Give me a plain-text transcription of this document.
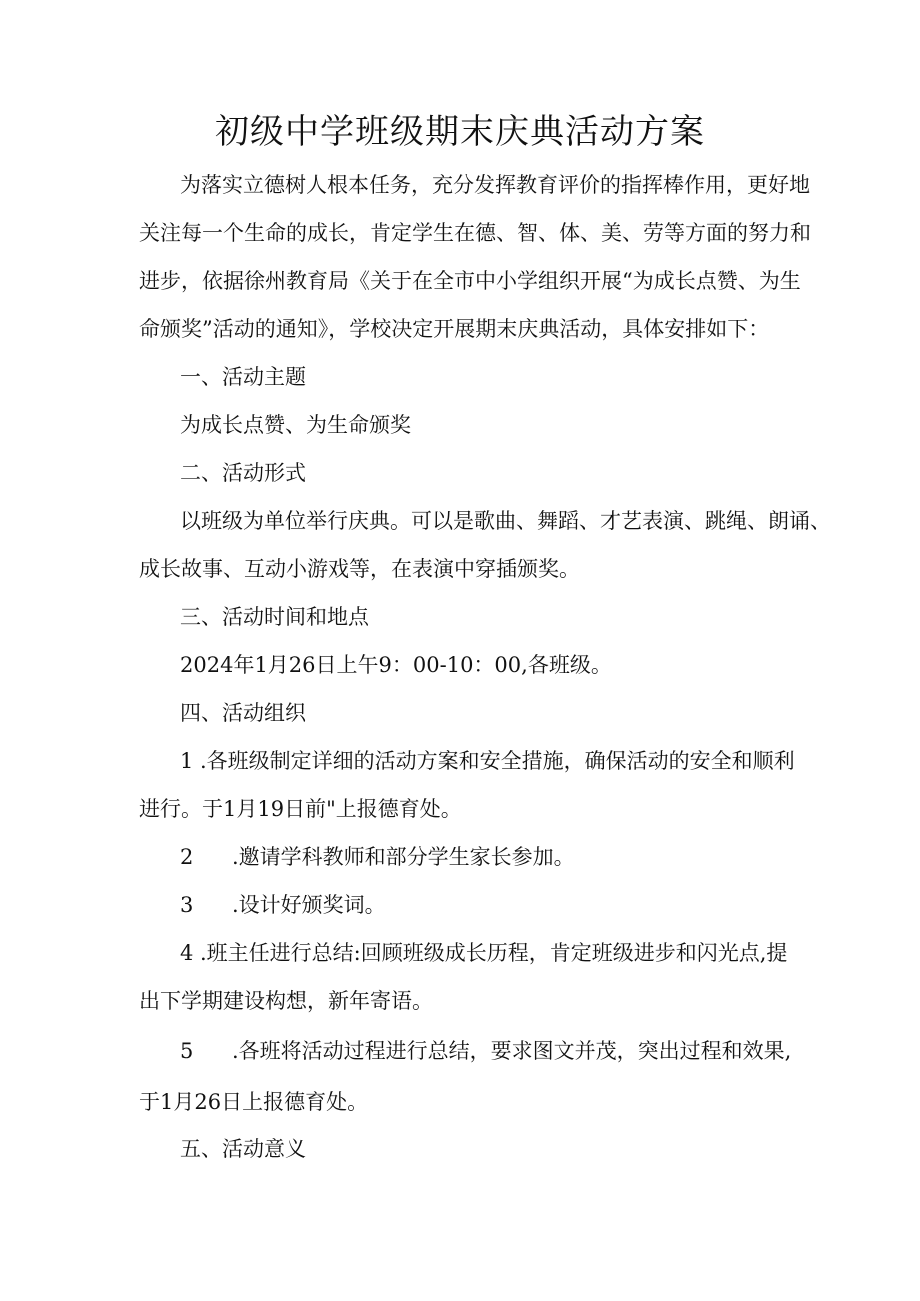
初级中学班级期末庆典活动方案
为落实立德树人根本任务，充分发挥教育评价的指挥棒作用，更好地
关注每一个生命的成长，肯定学生在德、智、体、美、劳等方面的努力和
进步，依据徐州教育局《关于在全市中小学组织开展“为成长点赞、为生
命颁奖”活动的通知》，学校决定开展期末庆典活动，具体安排如下：
一、活动主题
为成长点赞、为生命颁奖
二、活动形式
以班级为单位举行庆典。可以是歌曲、舞蹈、才艺表演、跳绳、朗诵、
成长故事、互动小游戏等，在表演中穿插颁奖。
三、活动时间和地点
2024年1月26日上午9：00-10：00,各班级。
四、活动组织
1 .各班级制定详细的活动方案和安全措施，确保活动的安全和顺利
进行。于1月19日前"上报德育处。
2 .邀请学科教师和部分学生家长参加。
3 .设计好颁奖词。
4 .班主任进行总结:回顾班级成长历程，肯定班级进步和闪光点,提
出下学期建设构想，新年寄语。
5 .各班将活动过程进行总结，要求图文并茂，突出过程和效果,
于1月26日上报德育处。
五、活动意义
